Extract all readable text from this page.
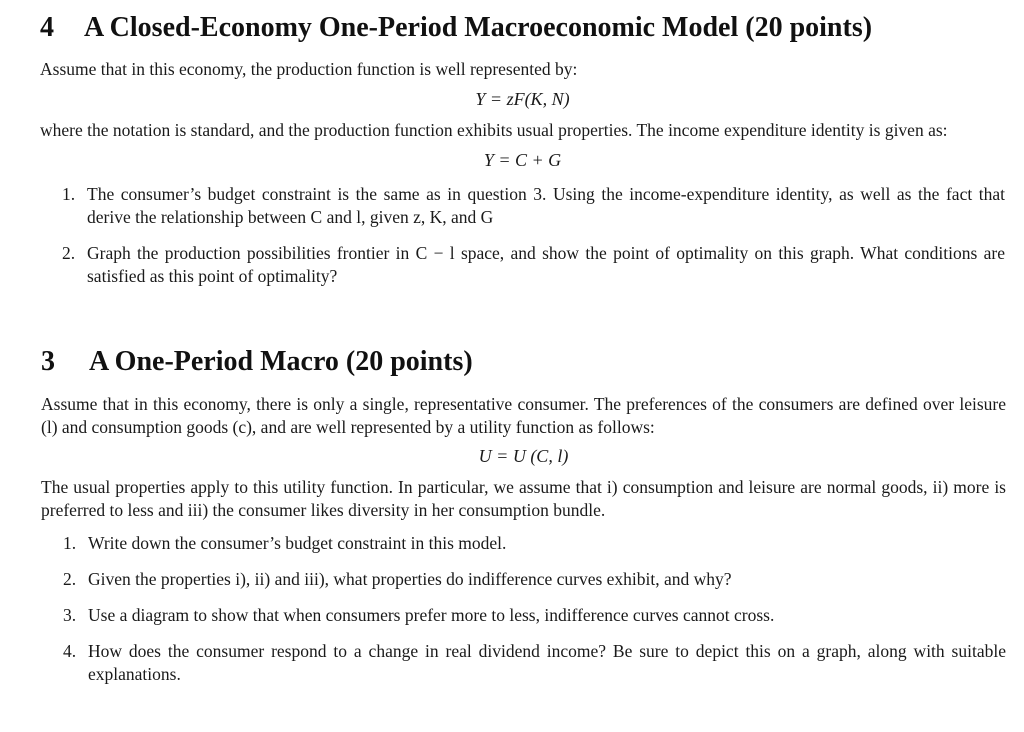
4	A Closed-Economy One-Period Macroeconomic Model (20 points)

Assume that in this economy, the production function is well represented by:

Y = zF(K, N)

where the notation is standard, and the production function exhibits usual properties. The income expenditure identity is given as:

Y = C + G

1. The consumer’s budget constraint is the same as in question 3. Using the income-expenditure identity, as well as the fact that derive the relationship between C and l, given z, K, and G
2. Graph the production possibilities frontier in C − l space, and show the point of optimality on this graph. What conditions are satisfied as this point of optimality?
3	A One-Period Macro (20 points)

Assume that in this economy, there is only a single, representative consumer. The preferences of the consumers are defined over leisure (l) and consumption goods (c), and are well represented by a utility function as follows:

U = U (C, l)

The usual properties apply to this utility function. In particular, we assume that i) consumption and leisure are normal goods, ii) more is preferred to less and iii) the consumer likes diversity in her consumption bundle.

1. Write down the consumer’s budget constraint in this model.
2. Given the properties i), ii) and iii), what properties do indifference curves exhibit, and why?
3. Use a diagram to show that when consumers prefer more to less, indifference curves cannot cross.
4. How does the consumer respond to a change in real dividend income? Be sure to depict this on a graph, along with suitable explanations.
